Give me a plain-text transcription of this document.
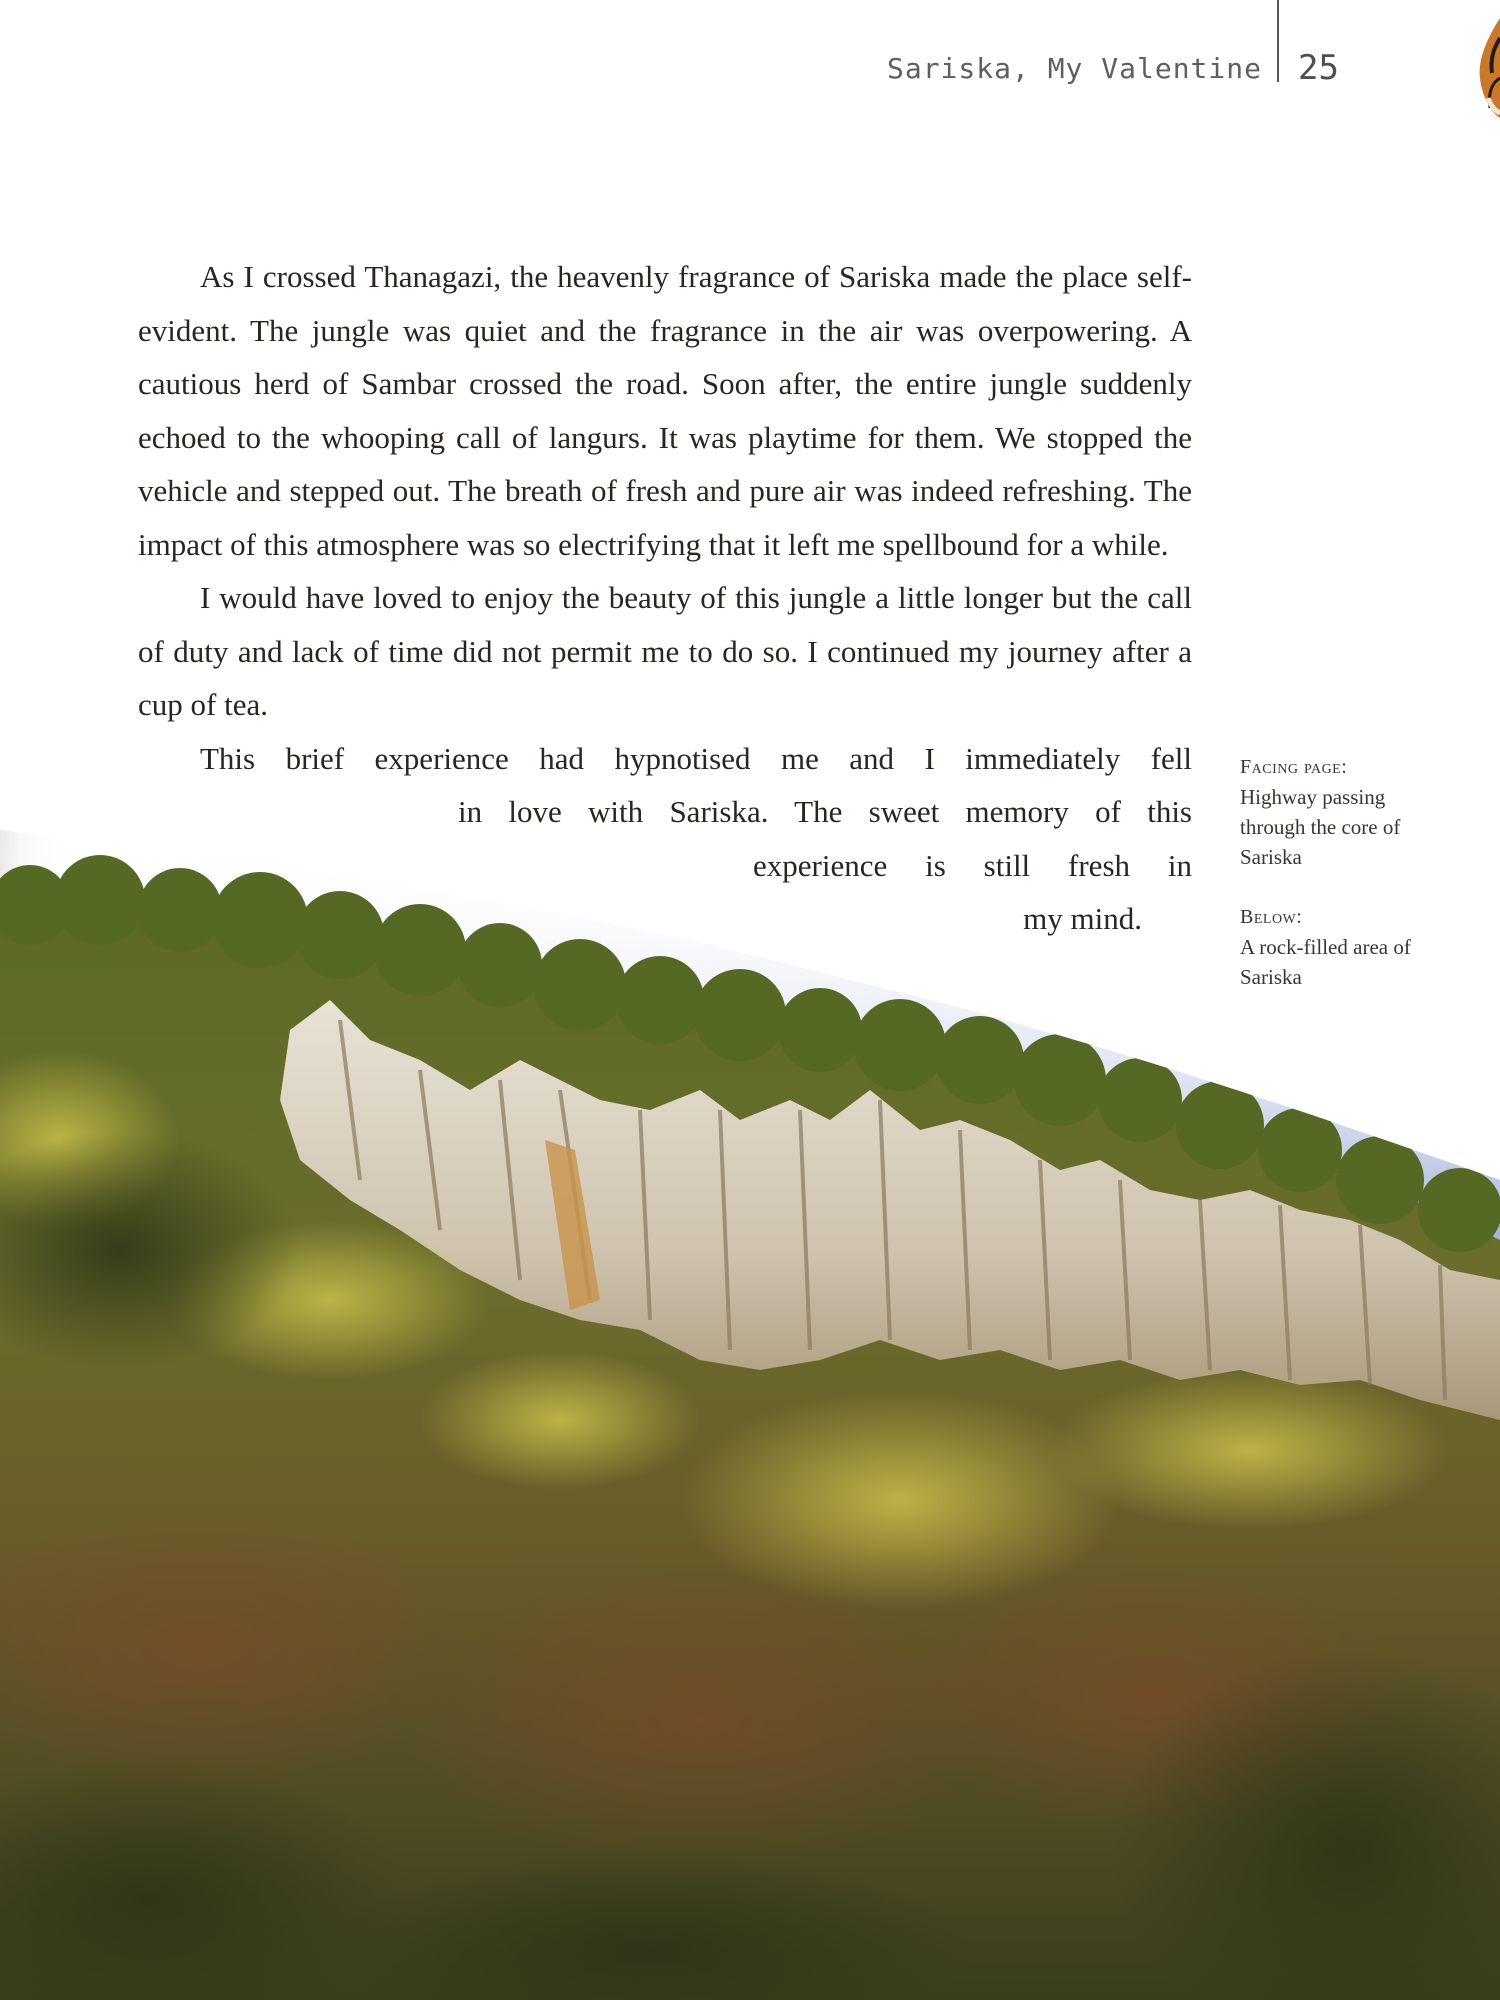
Sariska, My Valentine 25

As I crossed Thanagazi, the heavenly fragrance of Sariska made the place self-evident. The jungle was quiet and the fragrance in the air was overpowering. A cautious herd of Sambar crossed the road. Soon after, the entire jungle suddenly echoed to the whooping call of langurs. It was playtime for them. We stopped the vehicle and stepped out. The breath of fresh and pure air was indeed refreshing. The impact of this atmosphere was so electrifying that it left me spellbound for a while.

I would have loved to enjoy the beauty of this jungle a little longer but the call of duty and lack of time did not permit me to do so. I continued my journey after a cup of tea.

This brief experience had hypnotised me and I immediately fell
in love with Sariska. The sweet memory of this
experience is still fresh in
my mind.
Facing page:
Highway passing through the core of Sariska
Below:
A rock-filled area of Sariska
